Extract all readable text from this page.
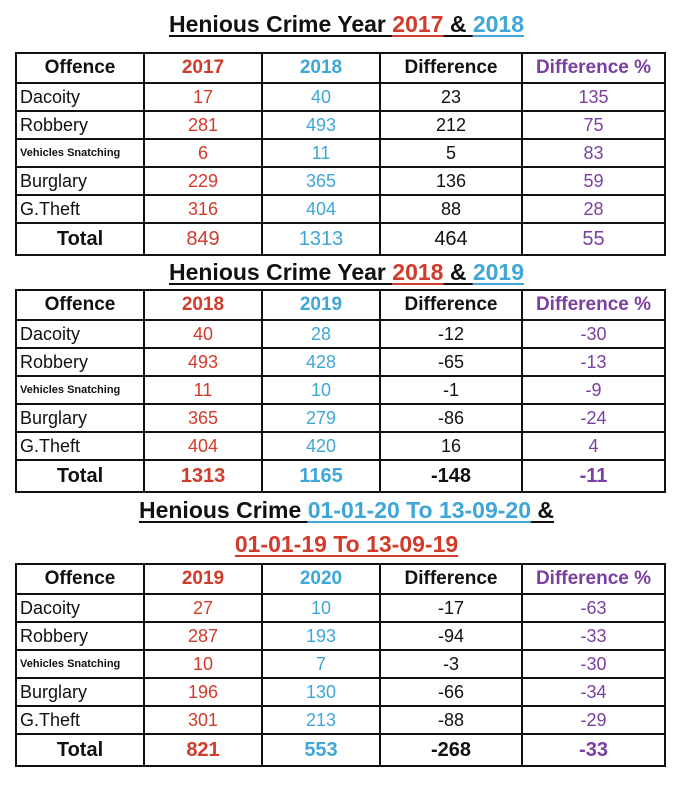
Henious Crime Year 2017 & 2018
Offence	2017	2018	Difference	Difference %
Dacoity	17	40	23	135
Robbery	281	493	212	75
Vehicles Snatching	6	11	5	83
Burglary	229	365	136	59
G.Theft	316	404	88	28
Total	849	1313	464	55
Henious Crime Year 2018 & 2019
Offence	2018	2019	Difference	Difference %
Dacoity	40	28	-12	-30
Robbery	493	428	-65	-13
Vehicles Snatching	11	10	-1	-9
Burglary	365	279	-86	-24
G.Theft	404	420	16	4
Total	1313	1165	-148	-11
Henious Crime 01-01-20 To 13-09-20 &
01-01-19 To 13-09-19
Offence	2019	2020	Difference	Difference %
Dacoity	27	10	-17	-63
Robbery	287	193	-94	-33
Vehicles Snatching	10	7	-3	-30
Burglary	196	130	-66	-34
G.Theft	301	213	-88	-29
Total	821	553	-268	-33
